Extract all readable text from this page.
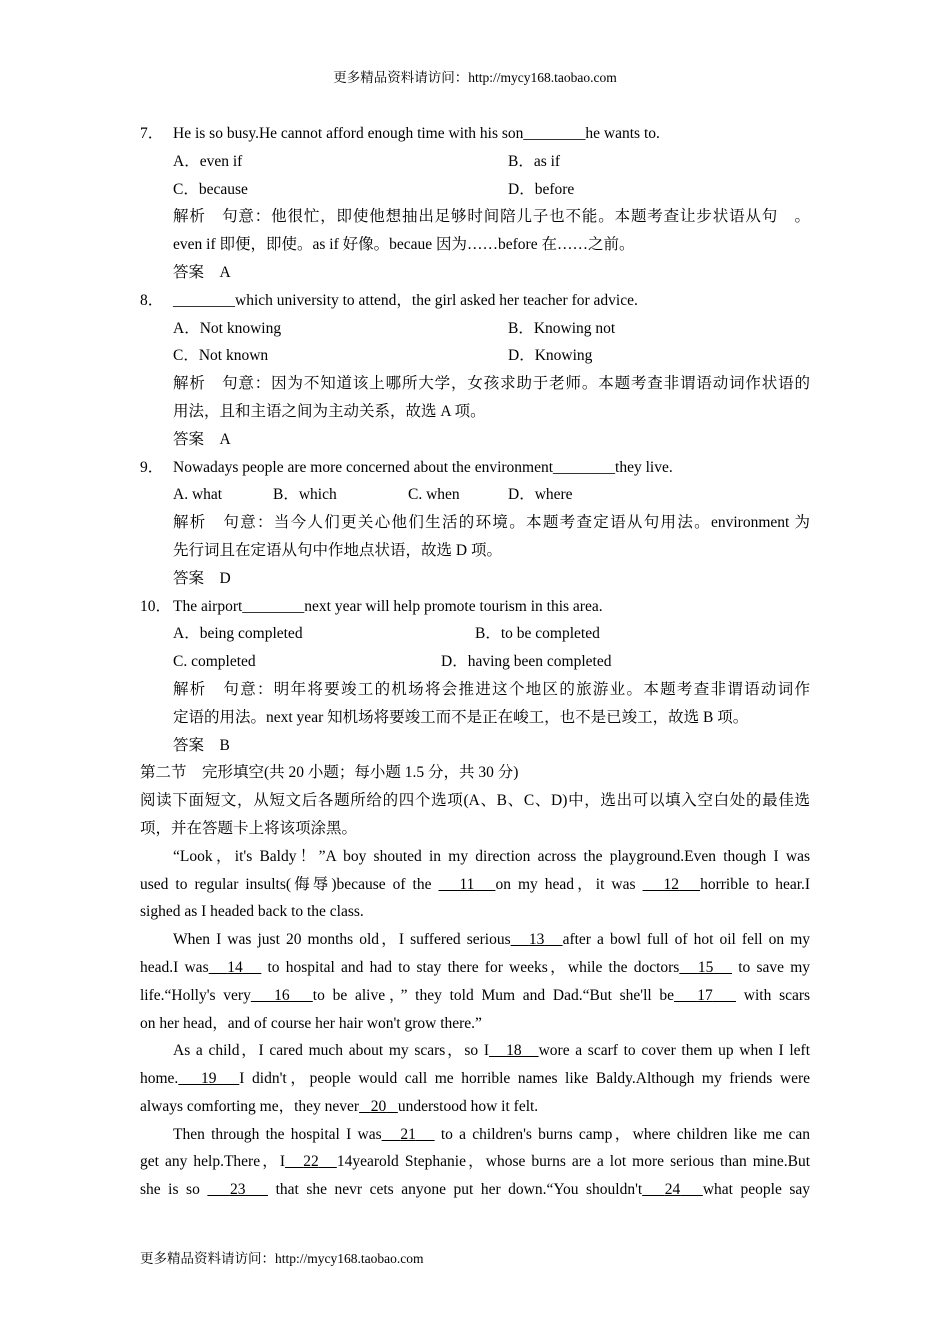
更多精品资料请访问：http://mycy168.taobao.com
7． He is so busy.He cannot afford enough time with his son________he wants to.
A．even if	B．as if
C．because	D．before
解析　句意：他很忙，即使他想抽出足够时间陪儿子也不能。本题考查让步状语从句　。
even if 即便，即使。as if 好像。becaue 因为……before 在……之前。
答案　A
8． ________which university to attend，the girl asked her teacher for advice.
A．Not knowing	B．Knowing not
C．Not known	D．Knowing
解析　句意：因为不知道该上哪所大学，女孩求助于老师。本题考查非谓语动词作状语的
用法，且和主语之间为主动关系，故选 A 项。
答案　A
9． Nowadays people are more concerned about the environment________they live.
A. what	B．which	C. when	D．where
解析　句意：当今人们更关心他们生活的环境。本题考查定语从句用法。environment 为
先行词且在定语从句中作地点状语，故选 D 项。
答案　D
10． The airport________next year will help promote tourism in this area.
A．being completed	B．to be completed
C. completed	D．having been completed
解析　句意：明年将要竣工的机场将会推进这个地区的旅游业。本题考查非谓语动词作
定语的用法。next year 知机场将要竣工而不是正在峻工，也不是已竣工，故选 B 项。
答案　B
第二节　完形填空(共 20 小题；每小题 1.5 分，共 30 分)
阅读下面短文，从短文后各题所给的四个选项(A、B、C、D)中，选出可以填入空白处的最佳选
项，并在答题卡上将该项涂黑。
“Look，it's Baldy！”A boy shouted in my direction across the playground.Even though I was
used to regular insults(侮辱)because of the 11 on my head，it was 12 horrible to hear.I
sighed as I headed back to the class.
When I was just 20 months old，I suffered serious 13 after a bowl full of hot oil fell on my
head.I was 14 to hospital and had to stay there for weeks，while the doctors 15 to save my
life.“Holly's very 16 to be alive，” they told Mum and Dad.“But she'll be 17 with scars
on her head，and of course her hair won't grow there.”
As a child，I cared much about my scars，so I 18 wore a scarf to cover them up when I left
home. 19 I didn't，people would call me horrible names like Baldy.Although my friends were
always comforting me，they never 20 understood how it felt.
Then through the hospital I was 21 to a children's burns camp，where children like me can
get any help.There，I 22 14yearold Stephanie，whose burns are a lot more serious than mine.But
she is so 23 that she nevr cets anyone put her down.“You shouldn't 24 what people say
更多精品资料请访问：http://mycy168.taobao.com
